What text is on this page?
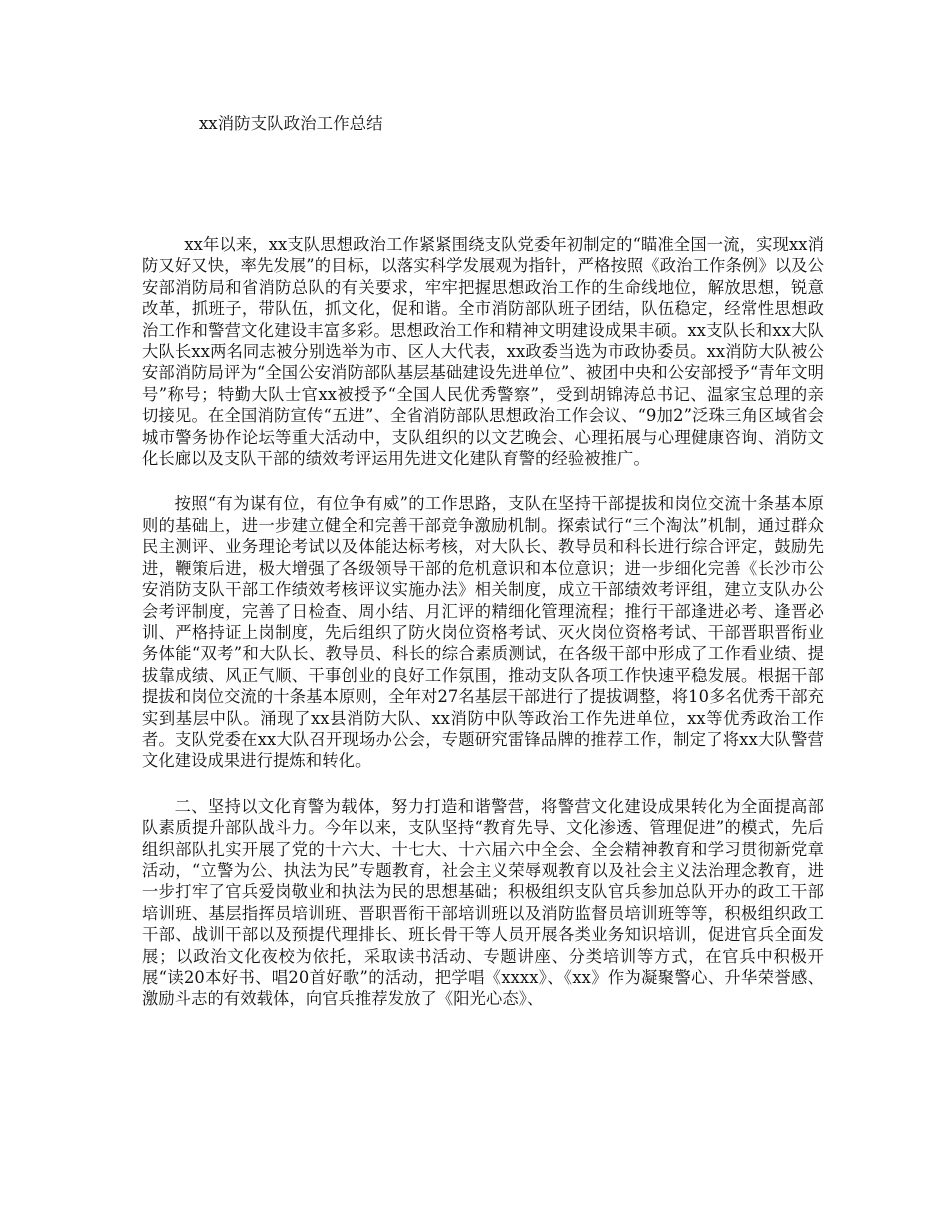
xx消防支队政治工作总结

xx年以来，xx支队思想政治工作紧紧围绕支队党委年初制定的“瞄准全国一流，实现xx消防又好又快，率先发展”的目标，以落实科学发展观为指针，严格按照《政治工作条例》以及公安部消防局和省消防总队的有关要求，牢牢把握思想政治工作的生命线地位，解放思想，锐意改革，抓班子，带队伍，抓文化，促和谐。全市消防部队班子团结，队伍稳定，经常性思想政治工作和警营文化建设丰富多彩。思想政治工作和精神文明建设成果丰硕。xx支队长和xx大队大队长xx两名同志被分别选举为市、区人大代表，xx政委当选为市政协委员。xx消防大队被公安部消防局评为“全国公安消防部队基层基础建设先进单位”、被团中央和公安部授予“青年文明号”称号；特勤大队士官xx被授予“全国人民优秀警察”，受到胡锦涛总书记、温家宝总理的亲切接见。在全国消防宣传“五进”、全省消防部队思想政治工作会议、“9加2”泛珠三角区域省会城市警务协作论坛等重大活动中，支队组织的以文艺晚会、心理拓展与心理健康咨询、消防文化长廊以及支队干部的绩效考评运用先进文化建队育警的经验被推广。

按照“有为谋有位，有位争有威”的工作思路，支队在坚持干部提拔和岗位交流十条基本原则的基础上，进一步建立健全和完善干部竞争激励机制。探索试行“三个淘汰”机制，通过群众民主测评、业务理论考试以及体能达标考核，对大队长、教导员和科长进行综合评定，鼓励先进，鞭策后进，极大增强了各级领导干部的危机意识和本位意识；进一步细化完善《长沙市公安消防支队干部工作绩效考核评议实施办法》相关制度，成立干部绩效考评组，建立支队办公会考评制度，完善了日检查、周小结、月汇评的精细化管理流程；推行干部逢进必考、逢晋必训、严格持证上岗制度，先后组织了防火岗位资格考试、灭火岗位资格考试、干部晋职晋衔业务体能“双考”和大队长、教导员、科长的综合素质测试，在各级干部中形成了工作看业绩、提拔靠成绩、风正气顺、干事创业的良好工作氛围，推动支队各项工作快速平稳发展。根据干部提拔和岗位交流的十条基本原则，全年对27名基层干部进行了提拔调整，将10多名优秀干部充实到基层中队。涌现了xx县消防大队、xx消防中队等政治工作先进单位，xx等优秀政治工作者。支队党委在xx大队召开现场办公会，专题研究雷锋品牌的推荐工作，制定了将xx大队警营文化建设成果进行提炼和转化。

二、坚持以文化育警为载体，努力打造和谐警营，将警营文化建设成果转化为全面提高部队素质提升部队战斗力。今年以来，支队坚持“教育先导、文化渗透、管理促进”的模式，先后组织部队扎实开展了党的十六大、十七大、十六届六中全会、全会精神教育和学习贯彻新党章活动，“立警为公、执法为民”专题教育，社会主义荣辱观教育以及社会主义法治理念教育，进一步打牢了官兵爱岗敬业和执法为民的思想基础；积极组织支队官兵参加总队开办的政工干部培训班、基层指挥员培训班、晋职晋衔干部培训班以及消防监督员培训班等等，积极组织政工干部、战训干部以及预提代理排长、班长骨干等人员开展各类业务知识培训，促进官兵全面发展；以政治文化夜校为依托，采取读书活动、专题讲座、分类培训等方式，在官兵中积极开展“读20本好书、唱20首好歌”的活动，把学唱《xxxx》、《xx》作为凝聚警心、升华荣誉感、激励斗志的有效载体，向官兵推荐发放了《阳光心态》、
